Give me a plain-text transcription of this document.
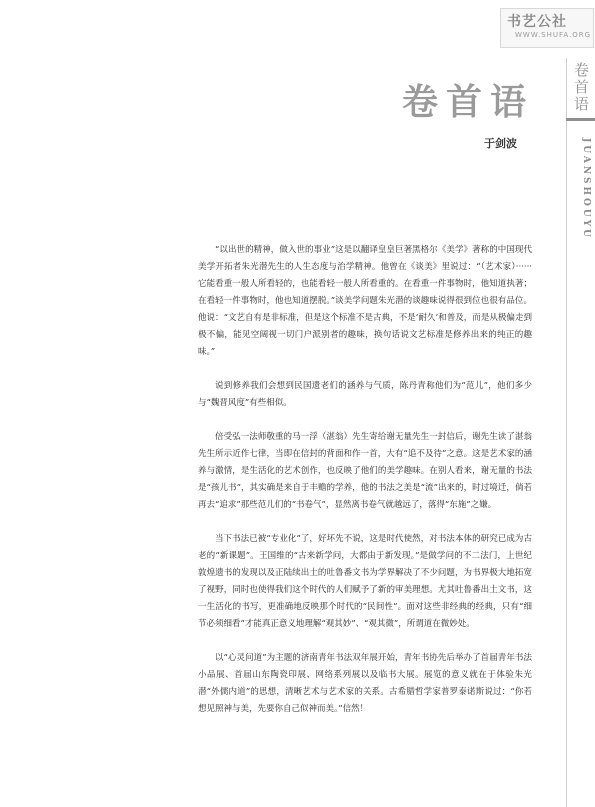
书艺公社
WWW.SHUFA.ORG
卷首语
JUANSHOUYU
卷首语
于剑波

“以出世的精神，做入世的事业”这是以翻译皇皇巨著黑格尔《美学》著称的中国现代美学开拓者朱光潜先生的人生态度与治学精神。他曾在《谈美》里说过：“（艺术家）······它能看重一般人所看轻的，也能看轻一般人所看重的。在看重一件事物时，他知道执著；在看轻一件事物时，他也知道摆脱。”谈美学问题朱光潜的谈趣味说得很到位也很有品位。他说：“文艺自有是非标准，但是这个标准不是古典，不是‘耐久’和普及，而是从极偏走到极不偏，能见空阔视一切门户派别者的趣味，换句话说文艺标准是修养出来的纯正的趣味。”

说到修养我们会想到民国遗老们的涵养与气质，陈丹青称他们为“范儿”，他们多少与“魏晋风度”有些相似。

倍受弘一法师敬重的马一浮（湛翁）先生寄给谢无量先生一封信后，谢先生读了湛翁先生所示近作七律，当即在信封的背面和作一首，大有“追不及待”之意。这是艺术家的涵养与激情，是生活化的艺术创作，也反映了他们的美学趣味。在别人看来，谢无量的书法是“孩儿书”，其实确是来自于丰赡的学养，他的书法之美是“流”出来的，时过境迁，倘若再去“追求”那些范儿们的“书卷气”，显然离书卷气就越远了，落得“东施”之嫌。

当下书法已被“专业化”了，好坏先不说，这是时代使然，对书法本体的研究已成为古老的“新课题”。王国维的“古来新学问，大都由于新发现。”是做学问的不二法门，上世纪敦煌遗书的发现以及正陆续出土的吐鲁番文书为学界解决了不少问题，为书界极大地拓宽了视野，同时也使得我们这个时代的人们赋予了新的审美理想。尤其吐鲁番出土文书，这一生活化的书写，更准确地反映那个时代的“民间性”。面对这些非经典的经典，只有“细节必须细看”才能真正意义地理解“观其妙”、“观其微”，所谓道在微妙处。

以“心灵问道”为主题的济南青年书法双年展开始，青年书协先后举办了首届青年书法小品展、首届山东陶瓷印展、网络系列展以及临书大展。展览的意义就在于体验朱光潜“外儒内道”的思想，清晰艺术与艺术家的关系。古希腊哲学家普罗泰诺斯说过：“你若想见照神与美，先要你自己似神而美。”信然！
